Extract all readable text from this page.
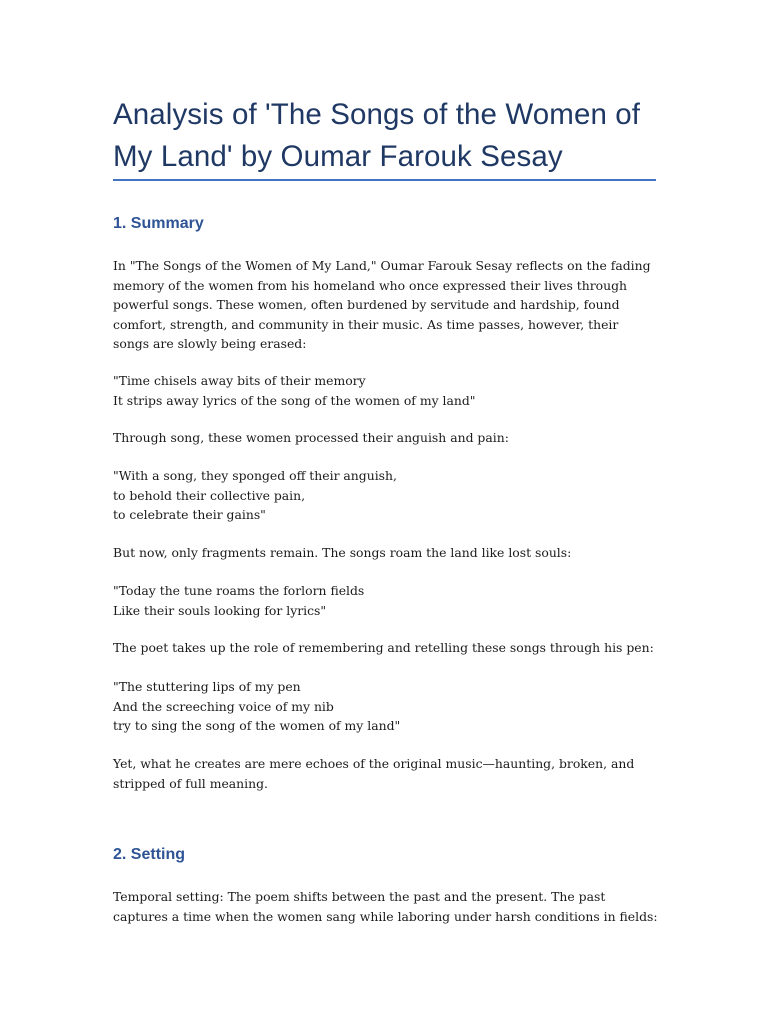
Analysis of 'The Songs of the Women of My Land' by Oumar Farouk Sesay
1. Summary

In "The Songs of the Women of My Land," Oumar Farouk Sesay reflects on the fading memory of the women from his homeland who once expressed their lives through powerful songs. These women, often burdened by servitude and hardship, found comfort, strength, and community in their music. As time passes, however, their songs are slowly being erased:

"Time chisels away bits of their memory
It strips away lyrics of the song of the women of my land"

Through song, these women processed their anguish and pain:

"With a song, they sponged off their anguish,
to behold their collective pain,
to celebrate their gains"

But now, only fragments remain. The songs roam the land like lost souls:

"Today the tune roams the forlorn fields
Like their souls looking for lyrics"

The poet takes up the role of remembering and retelling these songs through his pen:

"The stuttering lips of my pen
And the screeching voice of my nib
try to sing the song of the women of my land"

Yet, what he creates are mere echoes of the original music—haunting, broken, and stripped of full meaning.

2. Setting

Temporal setting: The poem shifts between the past and the present. The past captures a time when the women sang while laboring under harsh conditions in fields:
